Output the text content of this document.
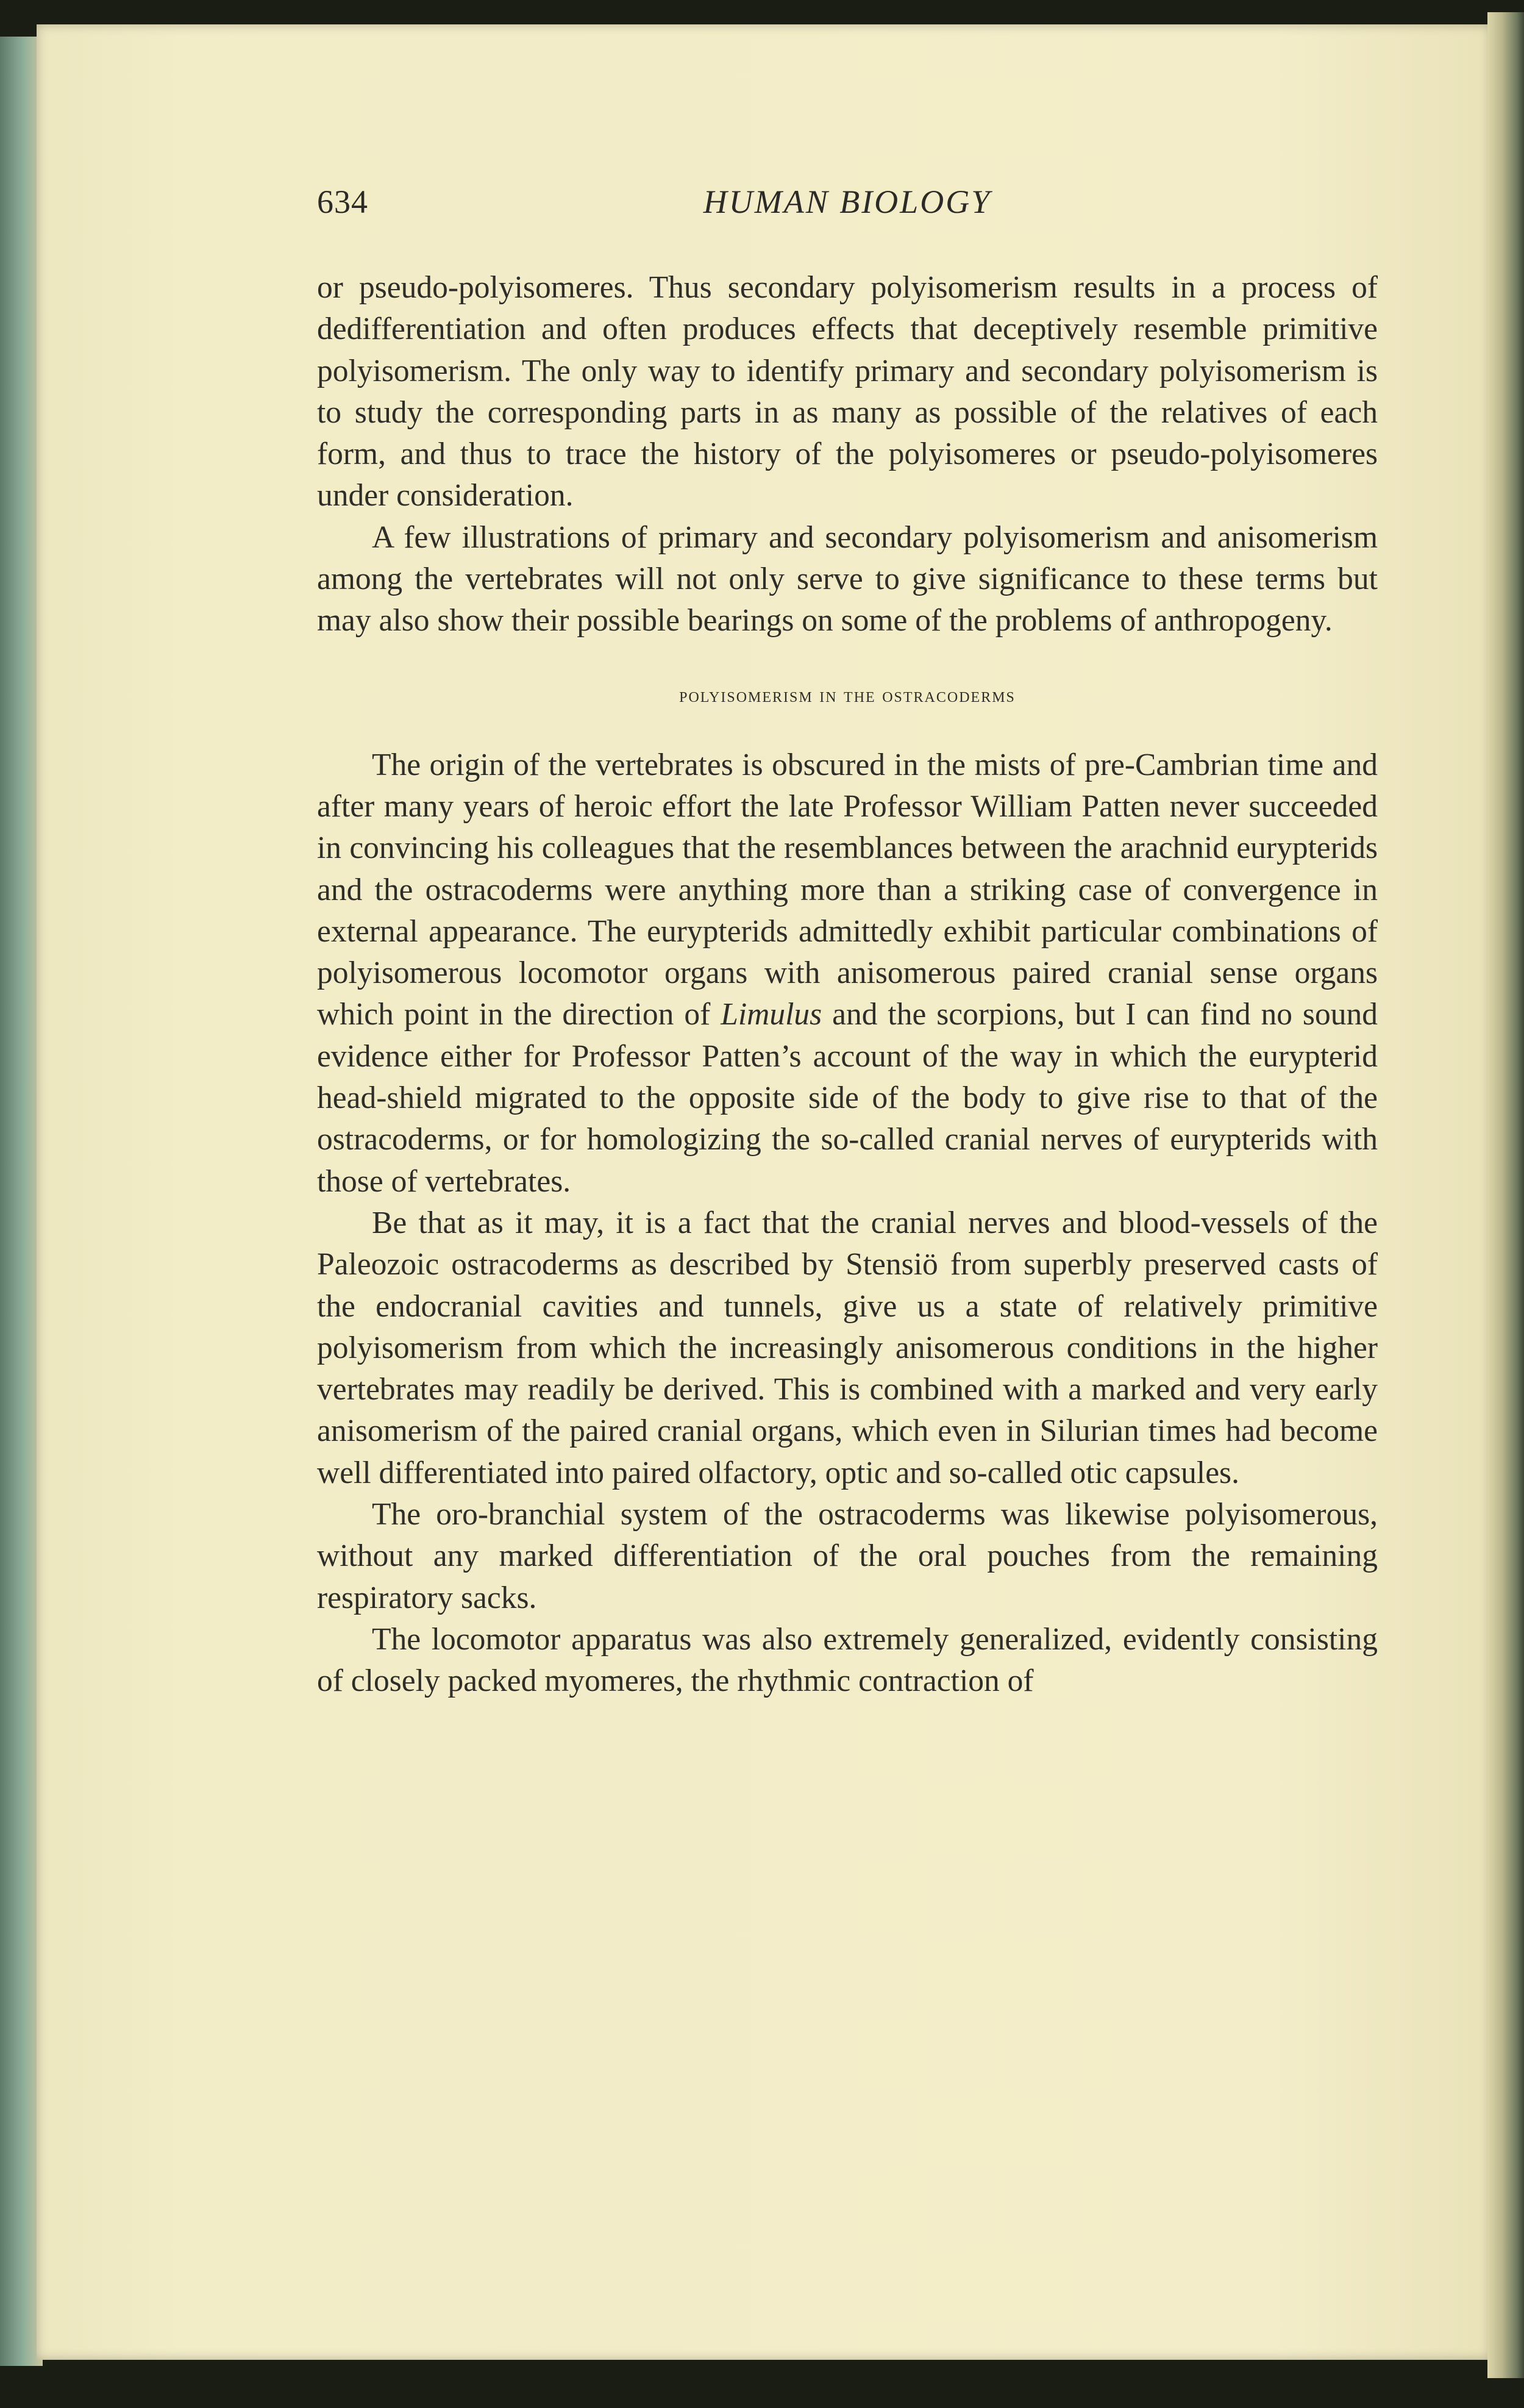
634	HUMAN BIOLOGY

or pseudo-polyisomeres. Thus secondary polyisomerism results in a process of dedifferentiation and often produces effects that deceptively resemble primitive polyisomerism. The only way to identify primary and secondary polyisomerism is to study the corresponding parts in as many as possible of the relatives of each form, and thus to trace the history of the polyisomeres or pseudo-polyisomeres under consideration.

A few illustrations of primary and secondary polyisomerism and anisomerism among the vertebrates will not only serve to give significance to these terms but may also show their possible bearings on some of the problems of anthropogeny.

polyisomerism in the ostracoderms

The origin of the vertebrates is obscured in the mists of pre-Cambrian time and after many years of heroic effort the late Professor William Patten never succeeded in convincing his colleagues that the resemblances between the arachnid eurypterids and the ostracoderms were anything more than a striking case of convergence in external appearance. The eurypterids admittedly exhibit particular combinations of polyisomerous locomotor organs with anisomerous paired cranial sense organs which point in the direction of Limulus and the scorpions, but I can find no sound evidence either for Professor Patten’s account of the way in which the eurypterid head-shield migrated to the opposite side of the body to give rise to that of the ostracoderms, or for homologizing the so-called cranial nerves of eurypterids with those of vertebrates.

Be that as it may, it is a fact that the cranial nerves and blood-vessels of the Paleozoic ostracoderms as described by Stensiö from superbly preserved casts of the endocranial cavities and tunnels, give us a state of relatively primitive polyisomerism from which the increasingly anisomerous conditions in the higher vertebrates may readily be derived. This is combined with a marked and very early anisomerism of the paired cranial organs, which even in Silurian times had become well differentiated into paired olfactory, optic and so-called otic capsules.

The oro-branchial system of the ostracoderms was likewise polyisomerous, without any marked differentiation of the oral pouches from the remaining respiratory sacks.

The locomotor apparatus was also extremely generalized, evidently consisting of closely packed myomeres, the rhythmic contraction of
